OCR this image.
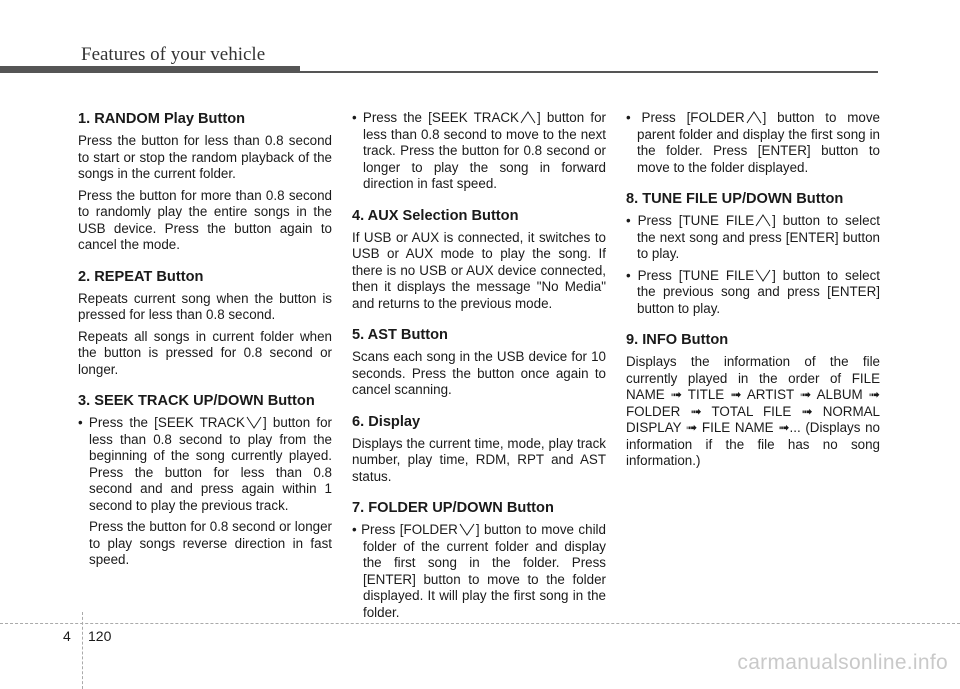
Features of your vehicle
1. RANDOM Play Button

Press the button for less than 0.8 second to start or stop the random playback of the songs in the current folder.

Press the button for more than 0.8 second to randomly play the entire songs in the USB device. Press the button again to cancel the mode.

2. REPEAT Button

Repeats current song when the button is pressed for less than 0.8 second.

Repeats all songs in current folder when the button is pressed for 0.8 second or longer.

3. SEEK TRACK UP/DOWN Button

• Press the [SEEK TRACK ] button for less than 0.8 second to play from the beginning of the song currently played. Press the button for less than 0.8 second and and press again within 1 second to play the previous track.

Press the button for 0.8 second or longer to play songs reverse direction in fast speed.

• Press the [SEEK TRACK ] button for less than 0.8 second to move to the next track. Press the button for 0.8 second or longer to play the song in forward direction in fast speed.

4. AUX Selection Button

If USB or AUX is connected, it switches to USB or AUX mode to play the song. If there is no USB or AUX device connected, then it displays the message "No Media" and returns to the previous mode.

5. AST Button

Scans each song in the USB device for 10 seconds. Press the button once again to cancel scanning.

6. Display

Displays the current time, mode, play track number, play time, RDM, RPT and AST status.

7. FOLDER UP/DOWN Button

• Press [FOLDER ] button to move child folder of the current folder and display the first song in the folder. Press [ENTER] button to move to the folder displayed. It will play the first song in the folder.

• Press [FOLDER ] button to move parent folder and display the first song in the folder. Press [ENTER] button to move to the folder displayed.

8. TUNE FILE UP/DOWN Button

• Press [TUNE FILE ] button to select the next song and press [ENTER] button to play.

• Press [TUNE FILE ] button to select the previous song and press [ENTER] button to play.

9. INFO Button

Displays the information of the file currently played in the order of FILE NAME ➟ TITLE ➟ ARTIST ➟ ALBUM ➟ FOLDER ➟ TOTAL FILE ➟ NORMAL DISPLAY ➟ FILE NAME ➟... (Displays no information if the file has no song information.)

4 120
carmanualsonline.info
